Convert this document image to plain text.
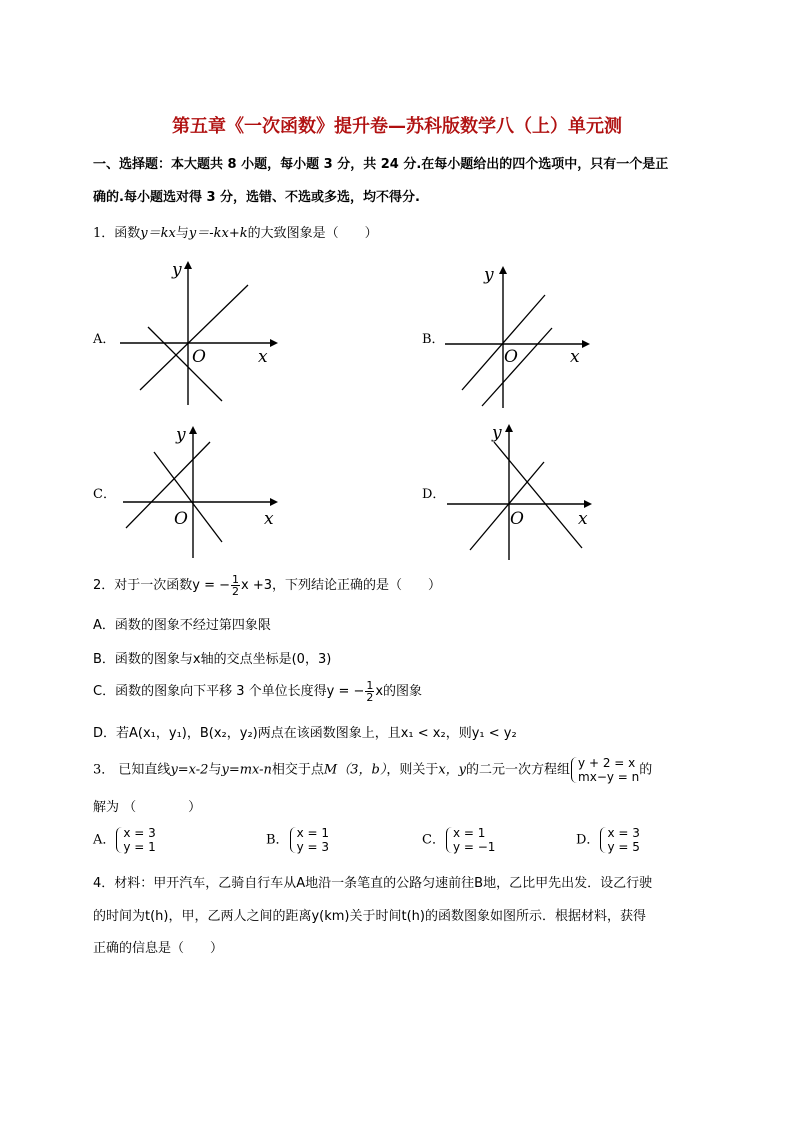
第五章《一次函数》提升卷—苏科版数学八（上）单元测
一、选择题：本大题共 8 小题，每小题 3 分，共 24 分.在每小题给出的四个选项中，只有一个是正
确的.每小题选对得 3 分，选错、不选或多选，均不得分.
1．函数y＝kx与y＝-kx+k的大致图象是（　　）
A．
O	x
y
B．
O	x
y
C．
O	x
y
D．
O	x
y
2．对于一次函数y = − $\frac{1}{2}$ x +3，下列结论正确的是（　　）
A．函数的图象不经过第四象限
B．函数的图象与x轴的交点坐标是(0，3)
C．函数的图象向下平移 3 个单位长度得y = − $\frac{1}{2}$ x的图象
D．若A(x₁，y₁)，B(x₂，y₂)两点在该函数图象上，且x₁ < x₂，则y₁ < y₂
3． 已知直线y=x-2与y=mx-n相交于点M（3，b），则关于x，y的二元一次方程组 y + 2 = x
mx−y = n 的
解为 （　　　　）
A． x = 3
y = 1	B． x = 1
y = 3	C． x = 1
y = −1	D． x = 3
y = 5
4．材料：甲开汽车，乙骑自行车从A地沿一条笔直的公路匀速前往B地，乙比甲先出发．设乙行驶
的时间为t(h)，甲，乙两人之间的距离y(km)关于时间t(h)的函数图象如图所示．根据材料，获得
正确的信息是（　　）
